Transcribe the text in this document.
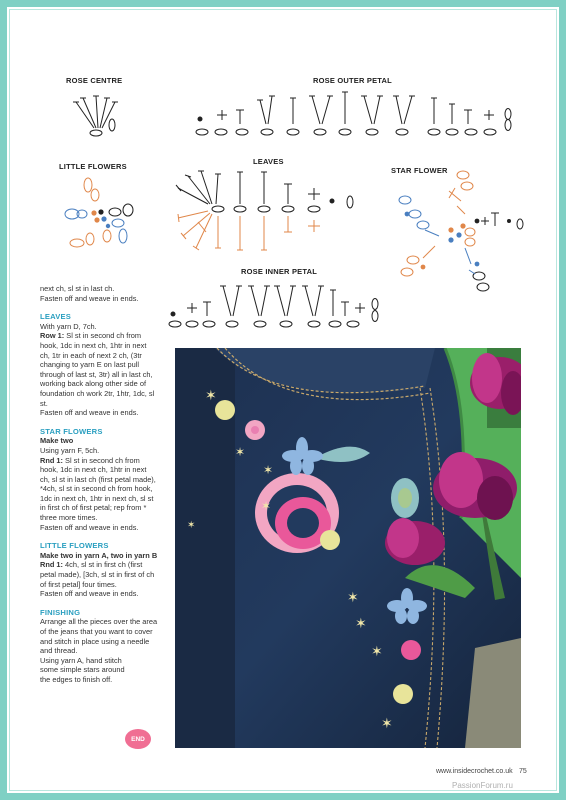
ROSE CENTRE	ROSE OUTER PETAL
LITTLE FLOWERS
LEAVES
STAR FLOWER
ROSE INNER PETAL

next ch, sl st in last ch.

Fasten off and weave in ends.

LEAVES

With yarn D, 7ch.

Row 1: Sl st in second ch from hook, 1dc in next ch, 1htr in next ch, 1tr in each of next 2 ch, (3tr changing to yarn E on last pull through of last st, 3tr) all in last ch, working back along other side of foundation ch work 2tr, 1htr, 1dc, sl st.

Fasten off and weave in ends.

STAR FLOWERS

Make two

Using yarn F, 5ch.

Rnd 1: Sl st in second ch from hook, 1dc in next ch, 1htr in next ch, sl st in last ch (first petal made), *4ch, sl st in second ch from hook, 1dc in next ch, 1htr in next ch, sl st in first ch of first petal; rep from * three more times.

Fasten off and weave in ends.

LITTLE FLOWERS

Make two in yarn A, two in yarn B

Rnd 1: 4ch, sl st in first ch (first petal made), [3ch, sl st in first of ch of first petal] four times.

Fasten off and weave in ends.

FINISHING

Arrange all the pieces over the area of the jeans that you want to cover and stitch in place using a needle and thread.

Using yarn A, hand stitch some simple stars around the edges to finish off.

END
✶
✶
✶
✶
✶
✶
✶
✶
✶
www.insidecrochet.co.uk 75
PassionForum.ru
